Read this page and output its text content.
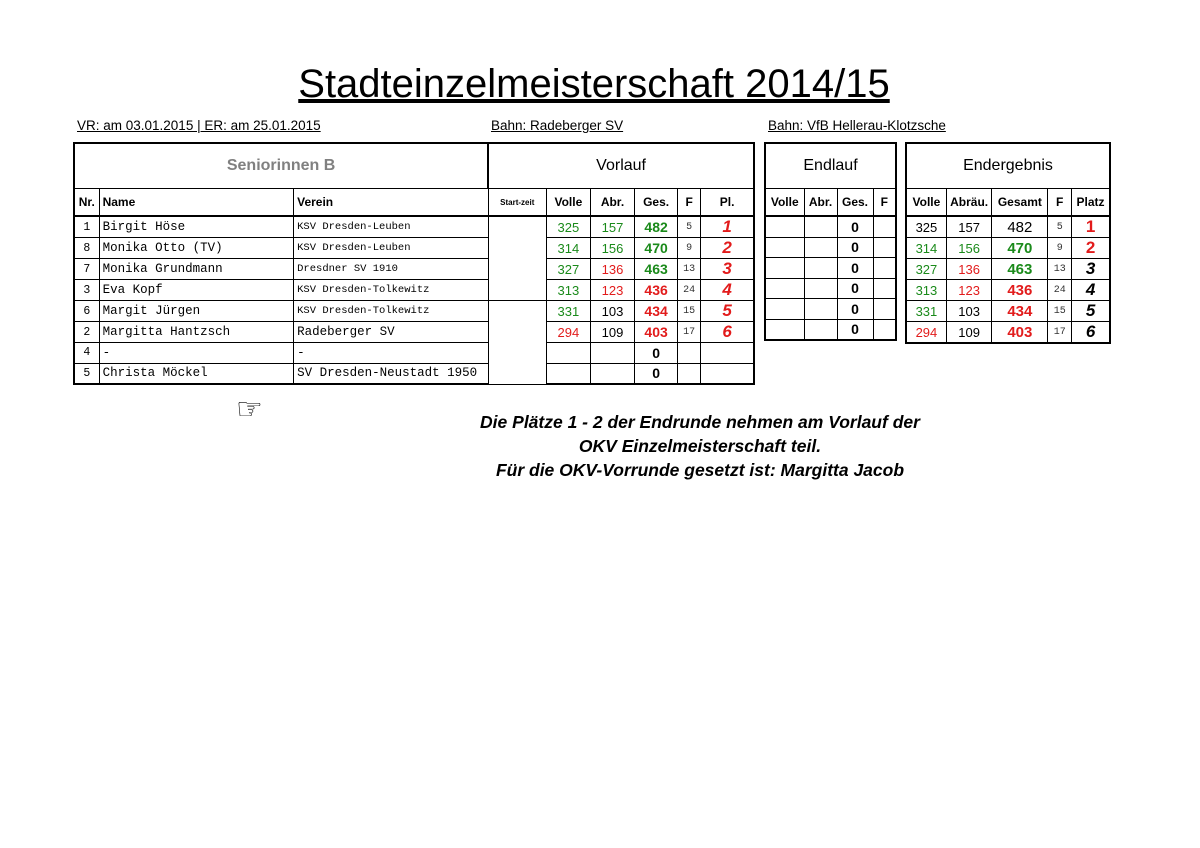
Stadteinzelmeisterschaft 2014/15
VR: am 03.01.2015 | ER: am 25.01.2015	Bahn: Radeberger SV	Bahn: VfB Hellerau-Klotzsche
Seniorinnen B			Vorlauf					
Nr.	Name	Verein	Start-zeit	Volle	Abr.	Ges.	F	Pl.
1	Birgit Höse	KSV Dresden-Leuben		325	157	482	5	1
8	Monika Otto (TV)	KSV Dresden-Leuben		314	156	470	9	2
7	Monika Grundmann	Dresdner SV 1910		327	136	463	13	3
3	Eva Kopf	KSV Dresden-Tolkewitz		313	123	436	24	4
6	Margit Jürgen	KSV Dresden-Tolkewitz		331	103	434	15	5
2	Margitta Hantzsch	Radeberger SV		294	109	403	17	6
4	-	-				0		
5	Christa Möckel	SV Dresden-Neustadt 1950				0		
Endlauf			
Volle	Abr.	Ges.	F
		0	
		0	
		0	
		0	
		0	
		0	
Endergebnis				
Volle	Abräu.	Gesamt	F	Platz
325	157	482	5	1
314	156	470	9	2
327	136	463	13	3
313	123	436	24	4
331	103	434	15	5
294	109	403	17	6
☞	Die Plätze 1 - 2 der Endrunde nehmen am Vorlauf der
OKV Einzelmeisterschaft teil.
Für die OKV-Vorrunde gesetzt ist: Margitta Jacob
